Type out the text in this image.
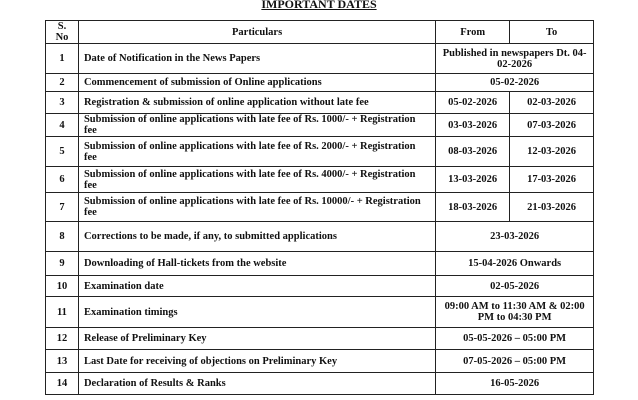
IMPORTANT DATES
S. No	Particulars	From	To
1	Date of Notification in the News Papers	Published in newspapers Dt. 04-02-2026	
2	Commencement of submission of Online applications	05-02-2026	
3	Registration & submission of online application without late fee	05-02-2026	02-03-2026
4	Submission of online applications with late fee of Rs. 1000/- + Registration fee	03-03-2026	07-03-2026
5	Submission of online applications with late fee of Rs. 2000/- + Registration fee	08-03-2026	12-03-2026
6	Submission of online applications with late fee of Rs. 4000/- + Registration fee	13-03-2026	17-03-2026
7	Submission of online applications with late fee of Rs. 10000/- + Registration fee	18-03-2026	21-03-2026
8	Corrections to be made, if any, to submitted applications	23-03-2026	
9	Downloading of Hall-tickets from the website	15-04-2026 Onwards	
10	Examination date	02-05-2026	
11	Examination timings	09:00 AM to 11:30 AM & 02:00 PM to 04:30 PM	
12	Release of Preliminary Key	05-05-2026 – 05:00 PM	
13	Last Date for receiving of objections on Preliminary Key	07-05-2026 – 05:00 PM	
14	Declaration of Results & Ranks	16-05-2026	
